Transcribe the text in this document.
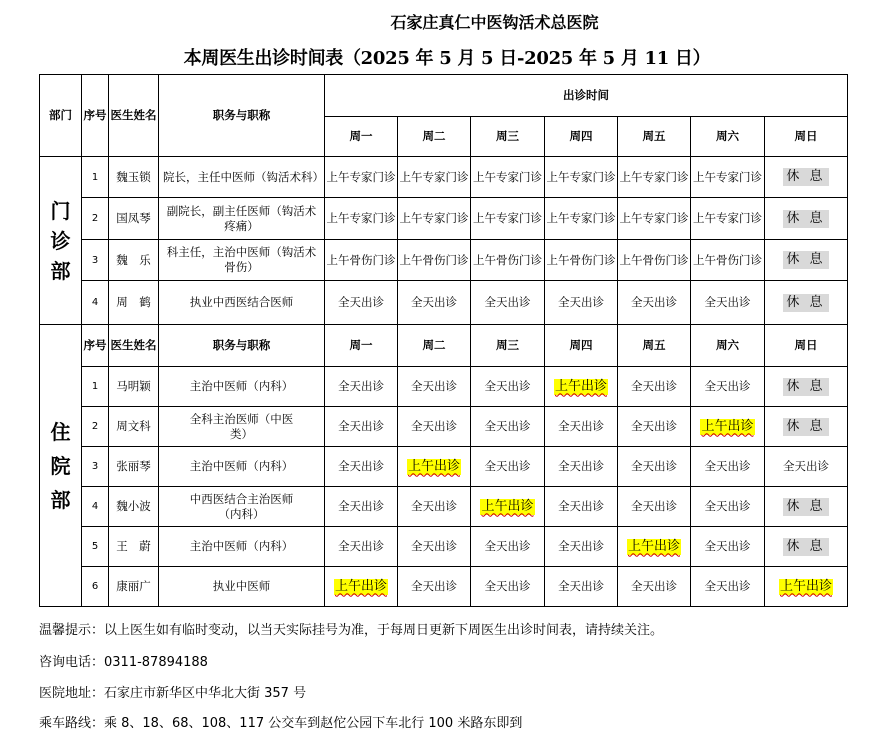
石家庄真仁中医钩活术总医院
本周医生出诊时间表（2025 年 5 月 5 日-2025 年 5 月 11 日）
部门	序号	医生姓名	职务与职称	出诊时间						
				周一	周二	周三	周四	周五	周六	周日
门诊部	1	魏玉锁	院长，主任中医师（钩活术科）	上午专家门诊	上午专家门诊	上午专家门诊	上午专家门诊	上午专家门诊	上午专家门诊	休 息
	2	国凤琴	副院长，副主任医师（钩活术 疼痛）	上午专家门诊	上午专家门诊	上午专家门诊	上午专家门诊	上午专家门诊	上午专家门诊	休 息
	3	魏　乐	科主任，主治中医师（钩活术骨伤）	上午骨伤门诊	上午骨伤门诊	上午骨伤门诊	上午骨伤门诊	上午骨伤门诊	上午骨伤门诊	休 息
	4	周　鹤	执业中西医结合医师	全天出诊	全天出诊	全天出诊	全天出诊	全天出诊	全天出诊	休 息
住院部	序号	医生姓名	职务与职称	周一	周二	周三	周四	周五	周六	周日
	1	马明颖	主治中医师（内科）	全天出诊	全天出诊	全天出诊	上午出诊	全天出诊	全天出诊	休 息
	2	周文科	全科主治医师（中医类）	全天出诊	全天出诊	全天出诊	全天出诊	全天出诊	上午出诊	休 息
	3	张丽琴	主治中医师（内科）	全天出诊	上午出诊	全天出诊	全天出诊	全天出诊	全天出诊	全天出诊
	4	魏小波	中西医结合主治医师（内科）	全天出诊	全天出诊	上午出诊	全天出诊	全天出诊	全天出诊	休 息
	5	王　蔚	主治中医师（内科）	全天出诊	全天出诊	全天出诊	全天出诊	上午出诊	全天出诊	休 息
	6	康丽广	执业中医师	上午出诊	全天出诊	全天出诊	全天出诊	全天出诊	全天出诊	上午出诊
温馨提示：以上医生如有临时变动，以当天实际挂号为准，于每周日更新下周医生出诊时间表，请持续关注。
咨询电话：0311-87894188
医院地址：石家庄市新华区中华北大街 357 号
乘车路线：乘 8、18、68、108、117 公交车到赵佗公园下车北行 100 米路东即到
